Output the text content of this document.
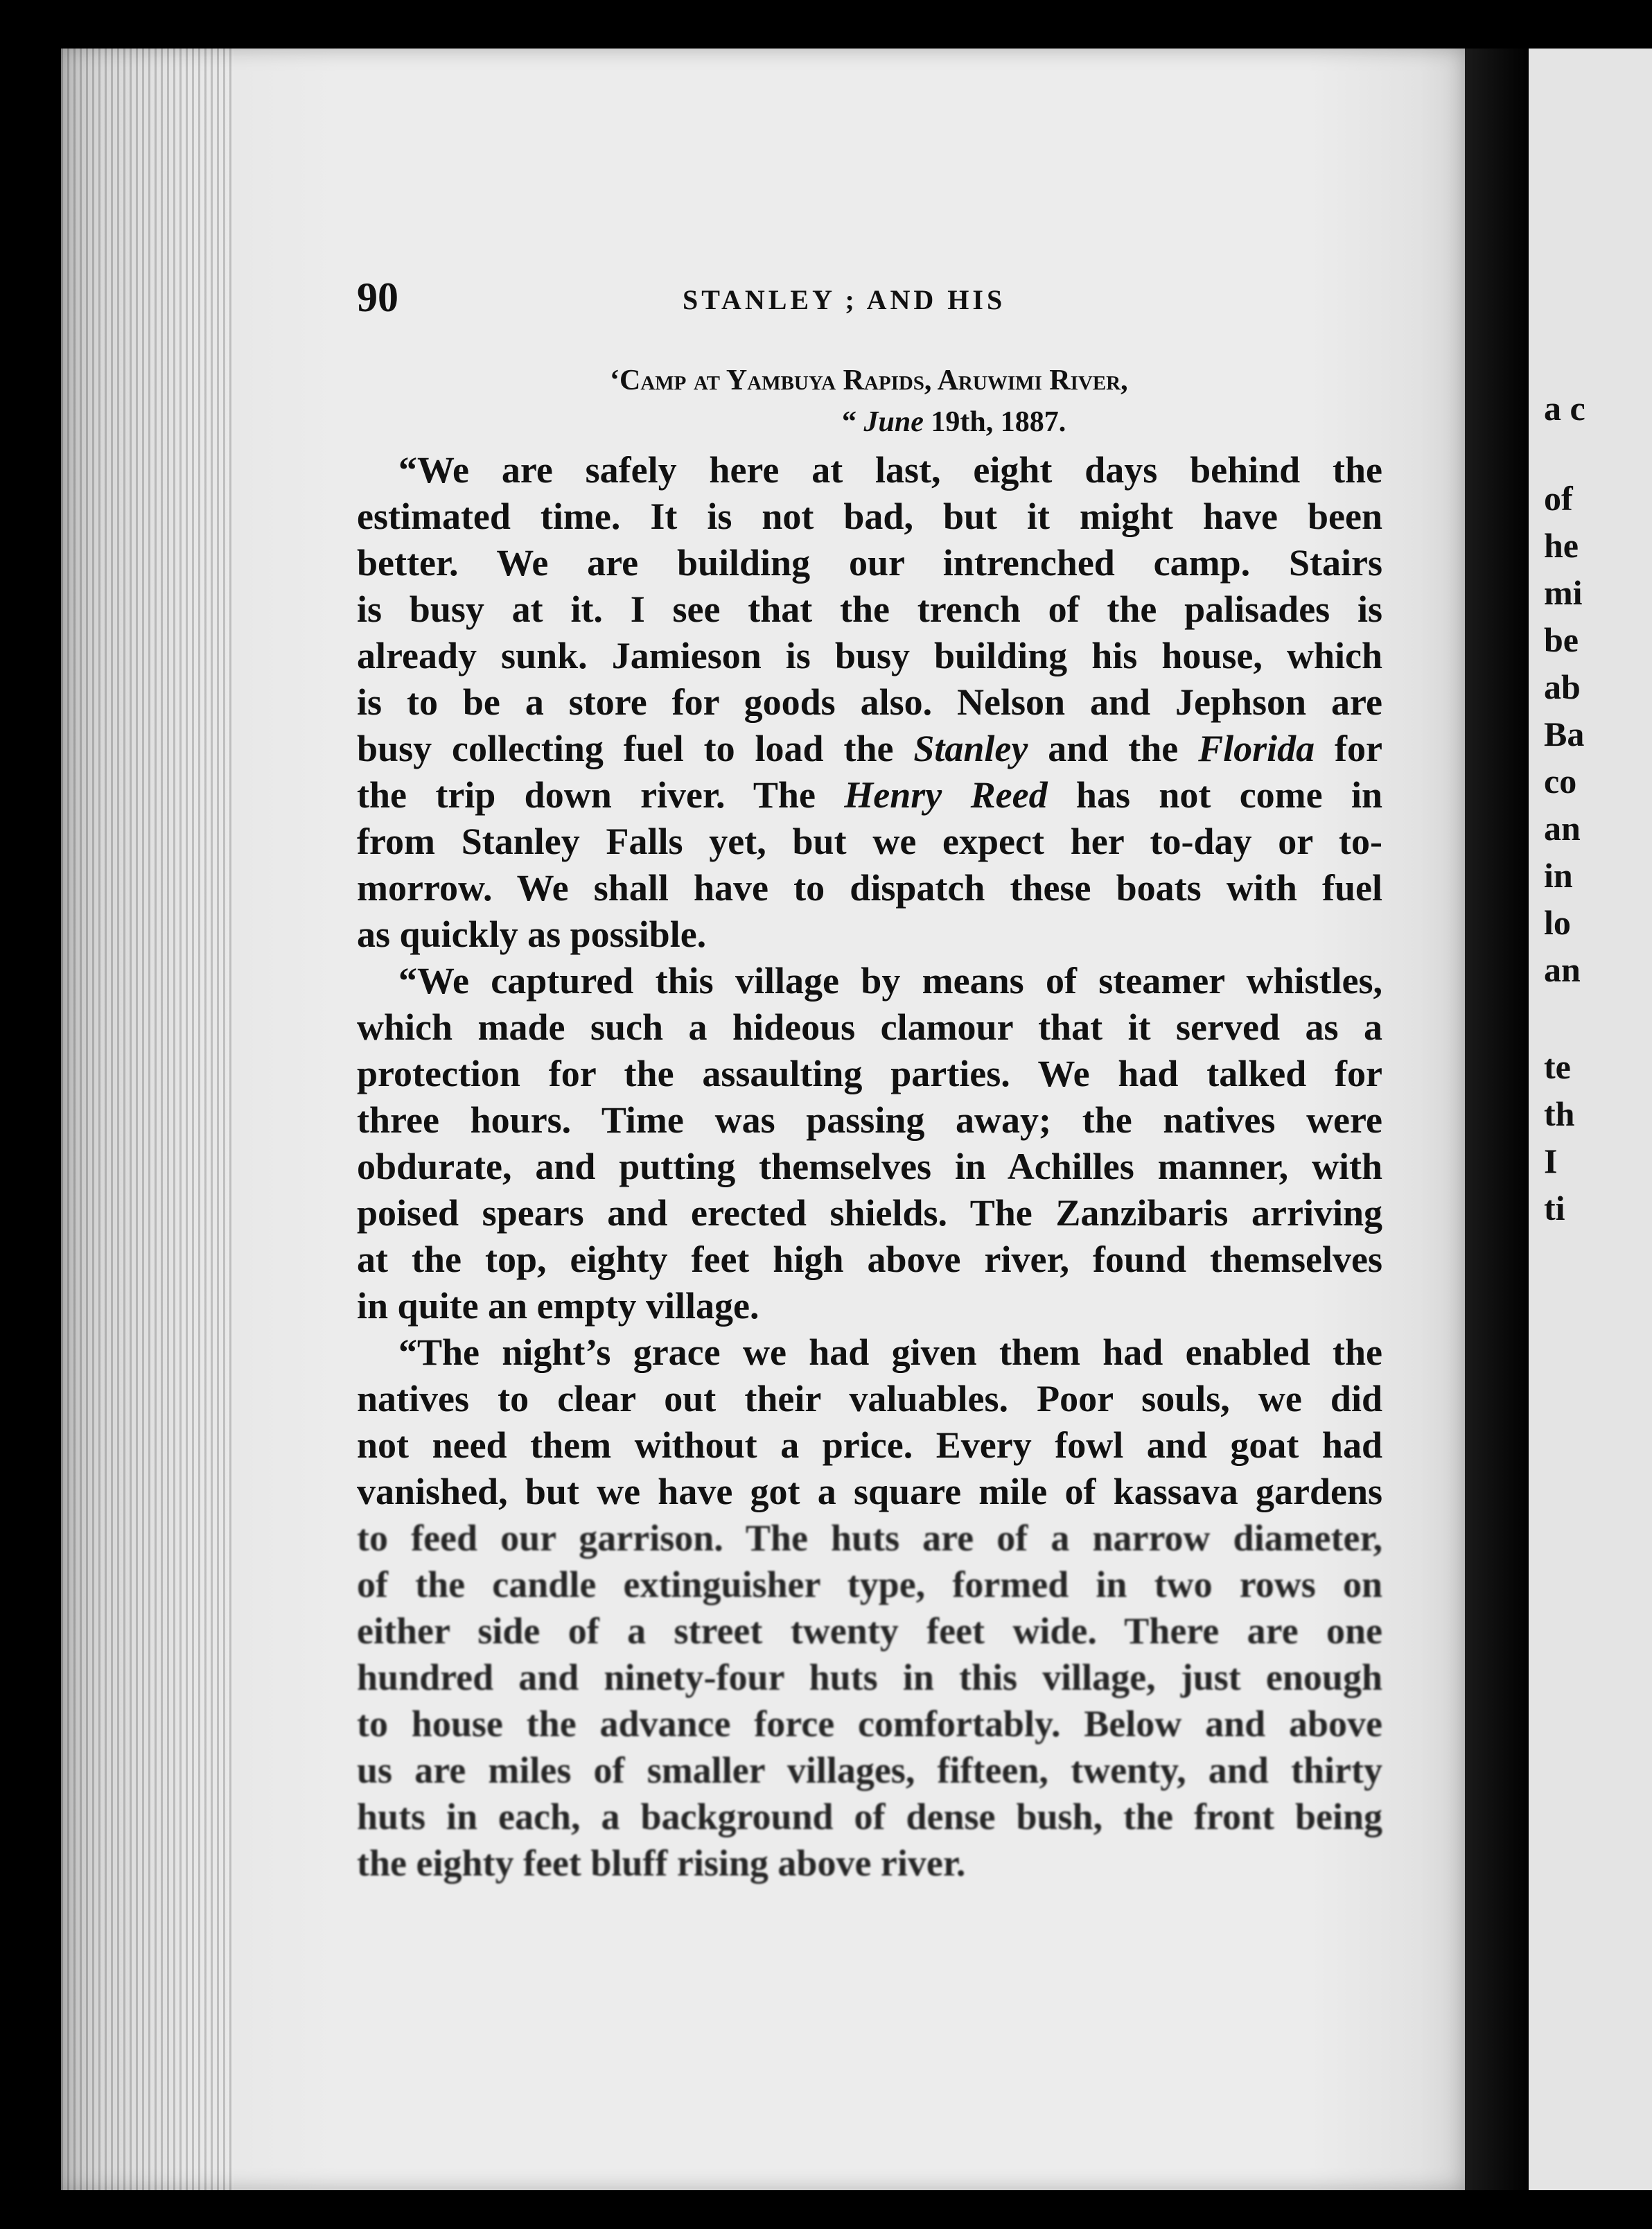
a c
of
he
mi
be
ab
Ba
co
an
in
lo
an
te
th
I
ti
90	STANLEY ; AND HIS
‘Camp at Yambuya Rapids, Aruwimi River,
“ June 19th, 1887.
“We are safely here at last, eight days behind the
estimated time. It is not bad, but it might have been
better. We are building our intrenched camp. Stairs
is busy at it. I see that the trench of the palisades is
already sunk. Jamieson is busy building his house, which
is to be a store for goods also. Nelson and Jephson are
busy collecting fuel to load the Stanley and the Florida for
the trip down river. The Henry Reed has not come in
from Stanley Falls yet, but we expect her to-day or to-
morrow. We shall have to dispatch these boats with fuel
as quickly as possible.
“We captured this village by means of steamer whistles,
which made such a hideous clamour that it served as a
protection for the assaulting parties. We had talked for
three hours. Time was passing away; the natives were
obdurate, and putting themselves in Achilles manner, with
poised spears and erected shields. The Zanzibaris arriving
at the top, eighty feet high above river, found themselves
in quite an empty village.
“The night’s grace we had given them had enabled the
natives to clear out their valuables. Poor souls, we did
not need them without a price. Every fowl and goat had
vanished, but we have got a square mile of kassava gardens
to feed our garrison. The huts are of a narrow diameter,
of the candle extinguisher type, formed in two rows on
either side of a street twenty feet wide. There are one
hundred and ninety-four huts in this village, just enough
to house the advance force comfortably. Below and above
us are miles of smaller villages, fifteen, twenty, and thirty
huts in each, a background of dense bush, the front being
the eighty feet bluff rising above river.
